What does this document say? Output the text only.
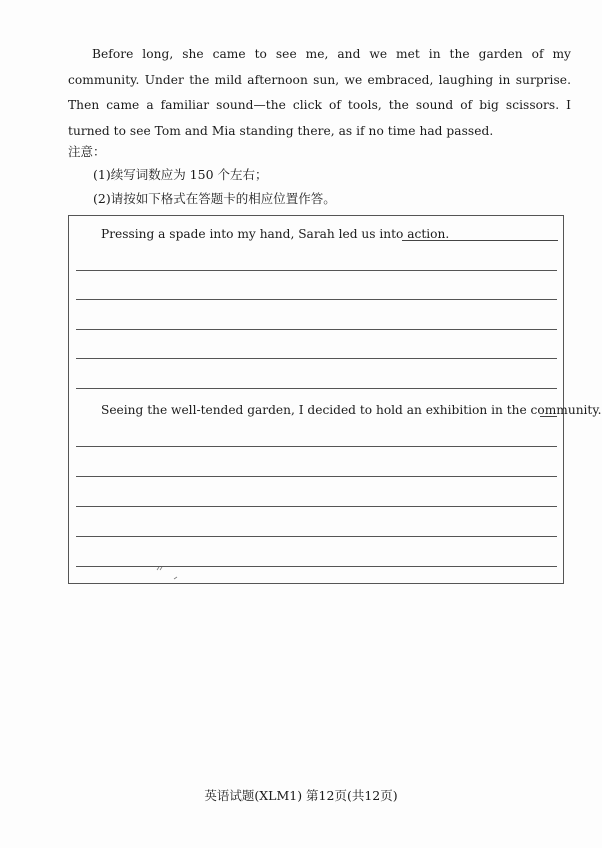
Before long, she came to see me, and we met in the garden of my community. Under the mild afternoon sun, we embraced, laughing in surprise. Then came a familiar sound—the click of tools, the sound of big scissors. I turned to see Tom and Mia standing there, as if no time had passed.
注意：
(1)续写词数应为 150 个左右；
(2)请按如下格式在答题卡的相应位置作答。
Pressing a spade into my hand, Sarah led us into action.
Seeing the well-tended garden, I decided to hold an exhibition in the community.
英语试题(XLM1) 第12页(共12页)
